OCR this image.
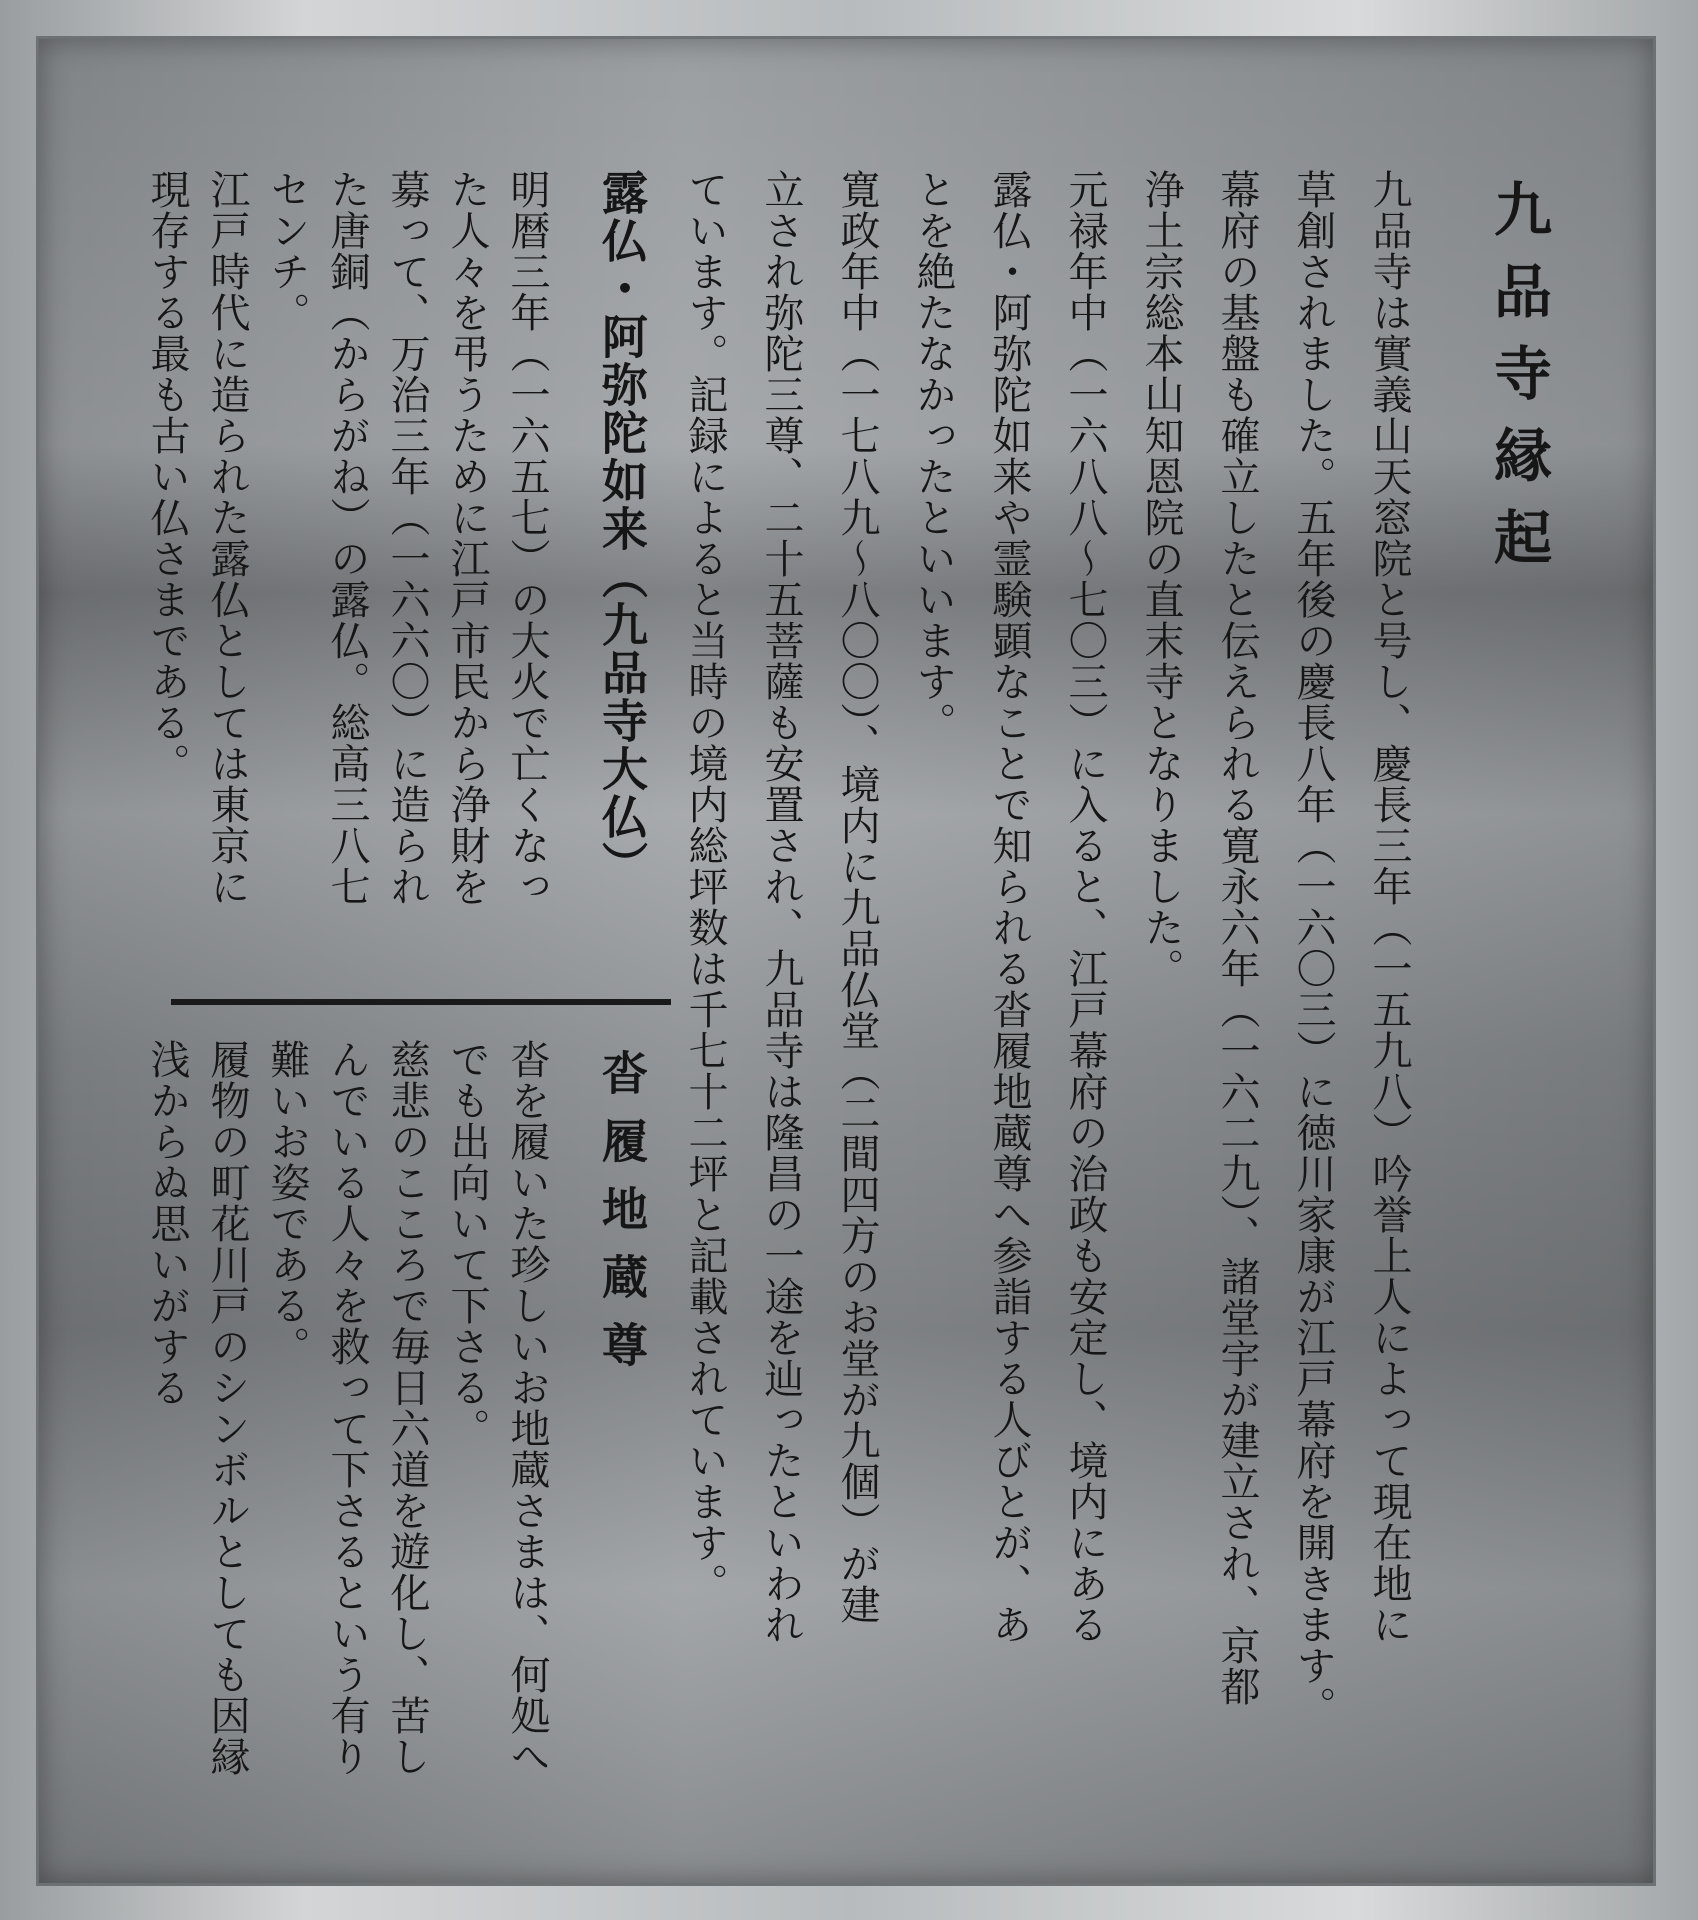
九品寺縁起
九品寺は實義山天窓院と号し、慶長三年（一五九八）吟誉上人によって現在地に
草創されました。五年後の慶長八年（一六〇三）に徳川家康が江戸幕府を開きます。
幕府の基盤も確立したと伝えられる寛永六年（一六二九）、諸堂宇が建立され、京都
浄土宗総本山知恩院の直末寺となりました。
元禄年中（一六八八〜七〇三）に入ると、江戸幕府の治政も安定し、境内にある
露仏・阿弥陀如来や霊験顕なことで知られる沓履地蔵尊へ参詣する人びとが、あ
とを絶たなかったといいます。
寛政年中（一七八九〜八〇〇）、境内に九品仏堂（二間四方のお堂が九個）が建
立され弥陀三尊、二十五菩薩も安置され、九品寺は隆昌の一途を辿ったといわれ
ています。記録によると当時の境内総坪数は千七十二坪と記載されています。
露仏・阿弥陀如来（九品寺大仏）
明暦三年（一六五七）の大火で亡くなっ
た人々を弔うために江戸市民から浄財を
募って、万治三年（一六六〇）に造られ
た唐銅（からがね）の露仏。総高三八七
センチ。
江戸時代に造られた露仏としては東京に
現存する最も古い仏さまである。
沓履地蔵尊
沓を履いた珍しいお地蔵さまは、何処へ
でも出向いて下さる。
慈悲のこころで毎日六道を遊化し、苦し
んでいる人々を救って下さるという有り
難いお姿である。
履物の町花川戸のシンボルとしても因縁
浅からぬ思いがする
